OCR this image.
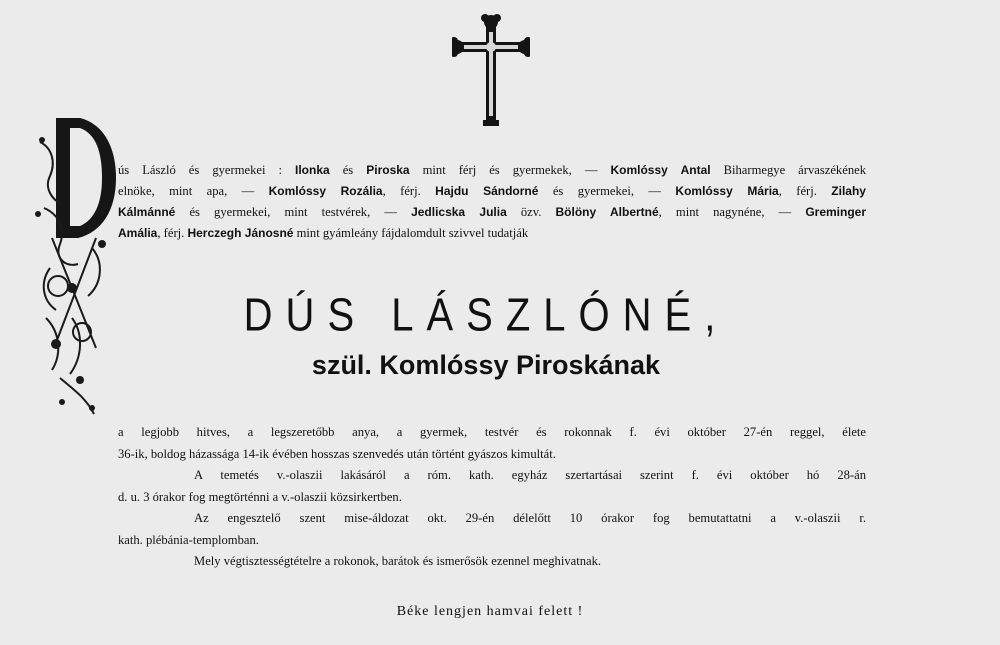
ús László és gyermekei : Ilonka és Piroska mint férj és gyermekek, — Komlóssy Antal Biharmegye árvaszékének
elnöke, mint apa, — Komlóssy Rozália, férj. Hajdu Sándorné és gyermekei, — Komlóssy Mária, férj. Zilahy
Kálmánné és gyermekei, mint testvérek, — Jedlicska Julia özv. Bölöny Albertné, mint nagynéne, — Greminger
Amália, férj. Herczegh Jánosné mint gyámleány fájdalomdult szivvel tudatják
DÚS LÁSZLÓNÉ,
szül. Komlóssy Piroskának
a legjobb hitves, a legszeretőbb anya, a gyermek, testvér és rokonnak f. évi október 27-én reggel, élete
36-ik, boldog házassága 14-ik évében hosszas szenvedés után történt gyászos kimultát.
A temetés v.-olaszii lakásáról a róm. kath. egyház szertartásai szerint f. évi október hó 28-án
d. u. 3 órakor fog megtörténni a v.-olaszii közsirkertben.
Az engesztelő szent mise-áldozat okt. 29-én délelőtt 10 órakor fog bemutattatni a v.-olaszii r.
kath. plébánia-templomban.
Mely végtisztességtételre a rokonok, barátok és ismerősök ezennel meghivatnak.
Béke lengjen hamvai felett !
